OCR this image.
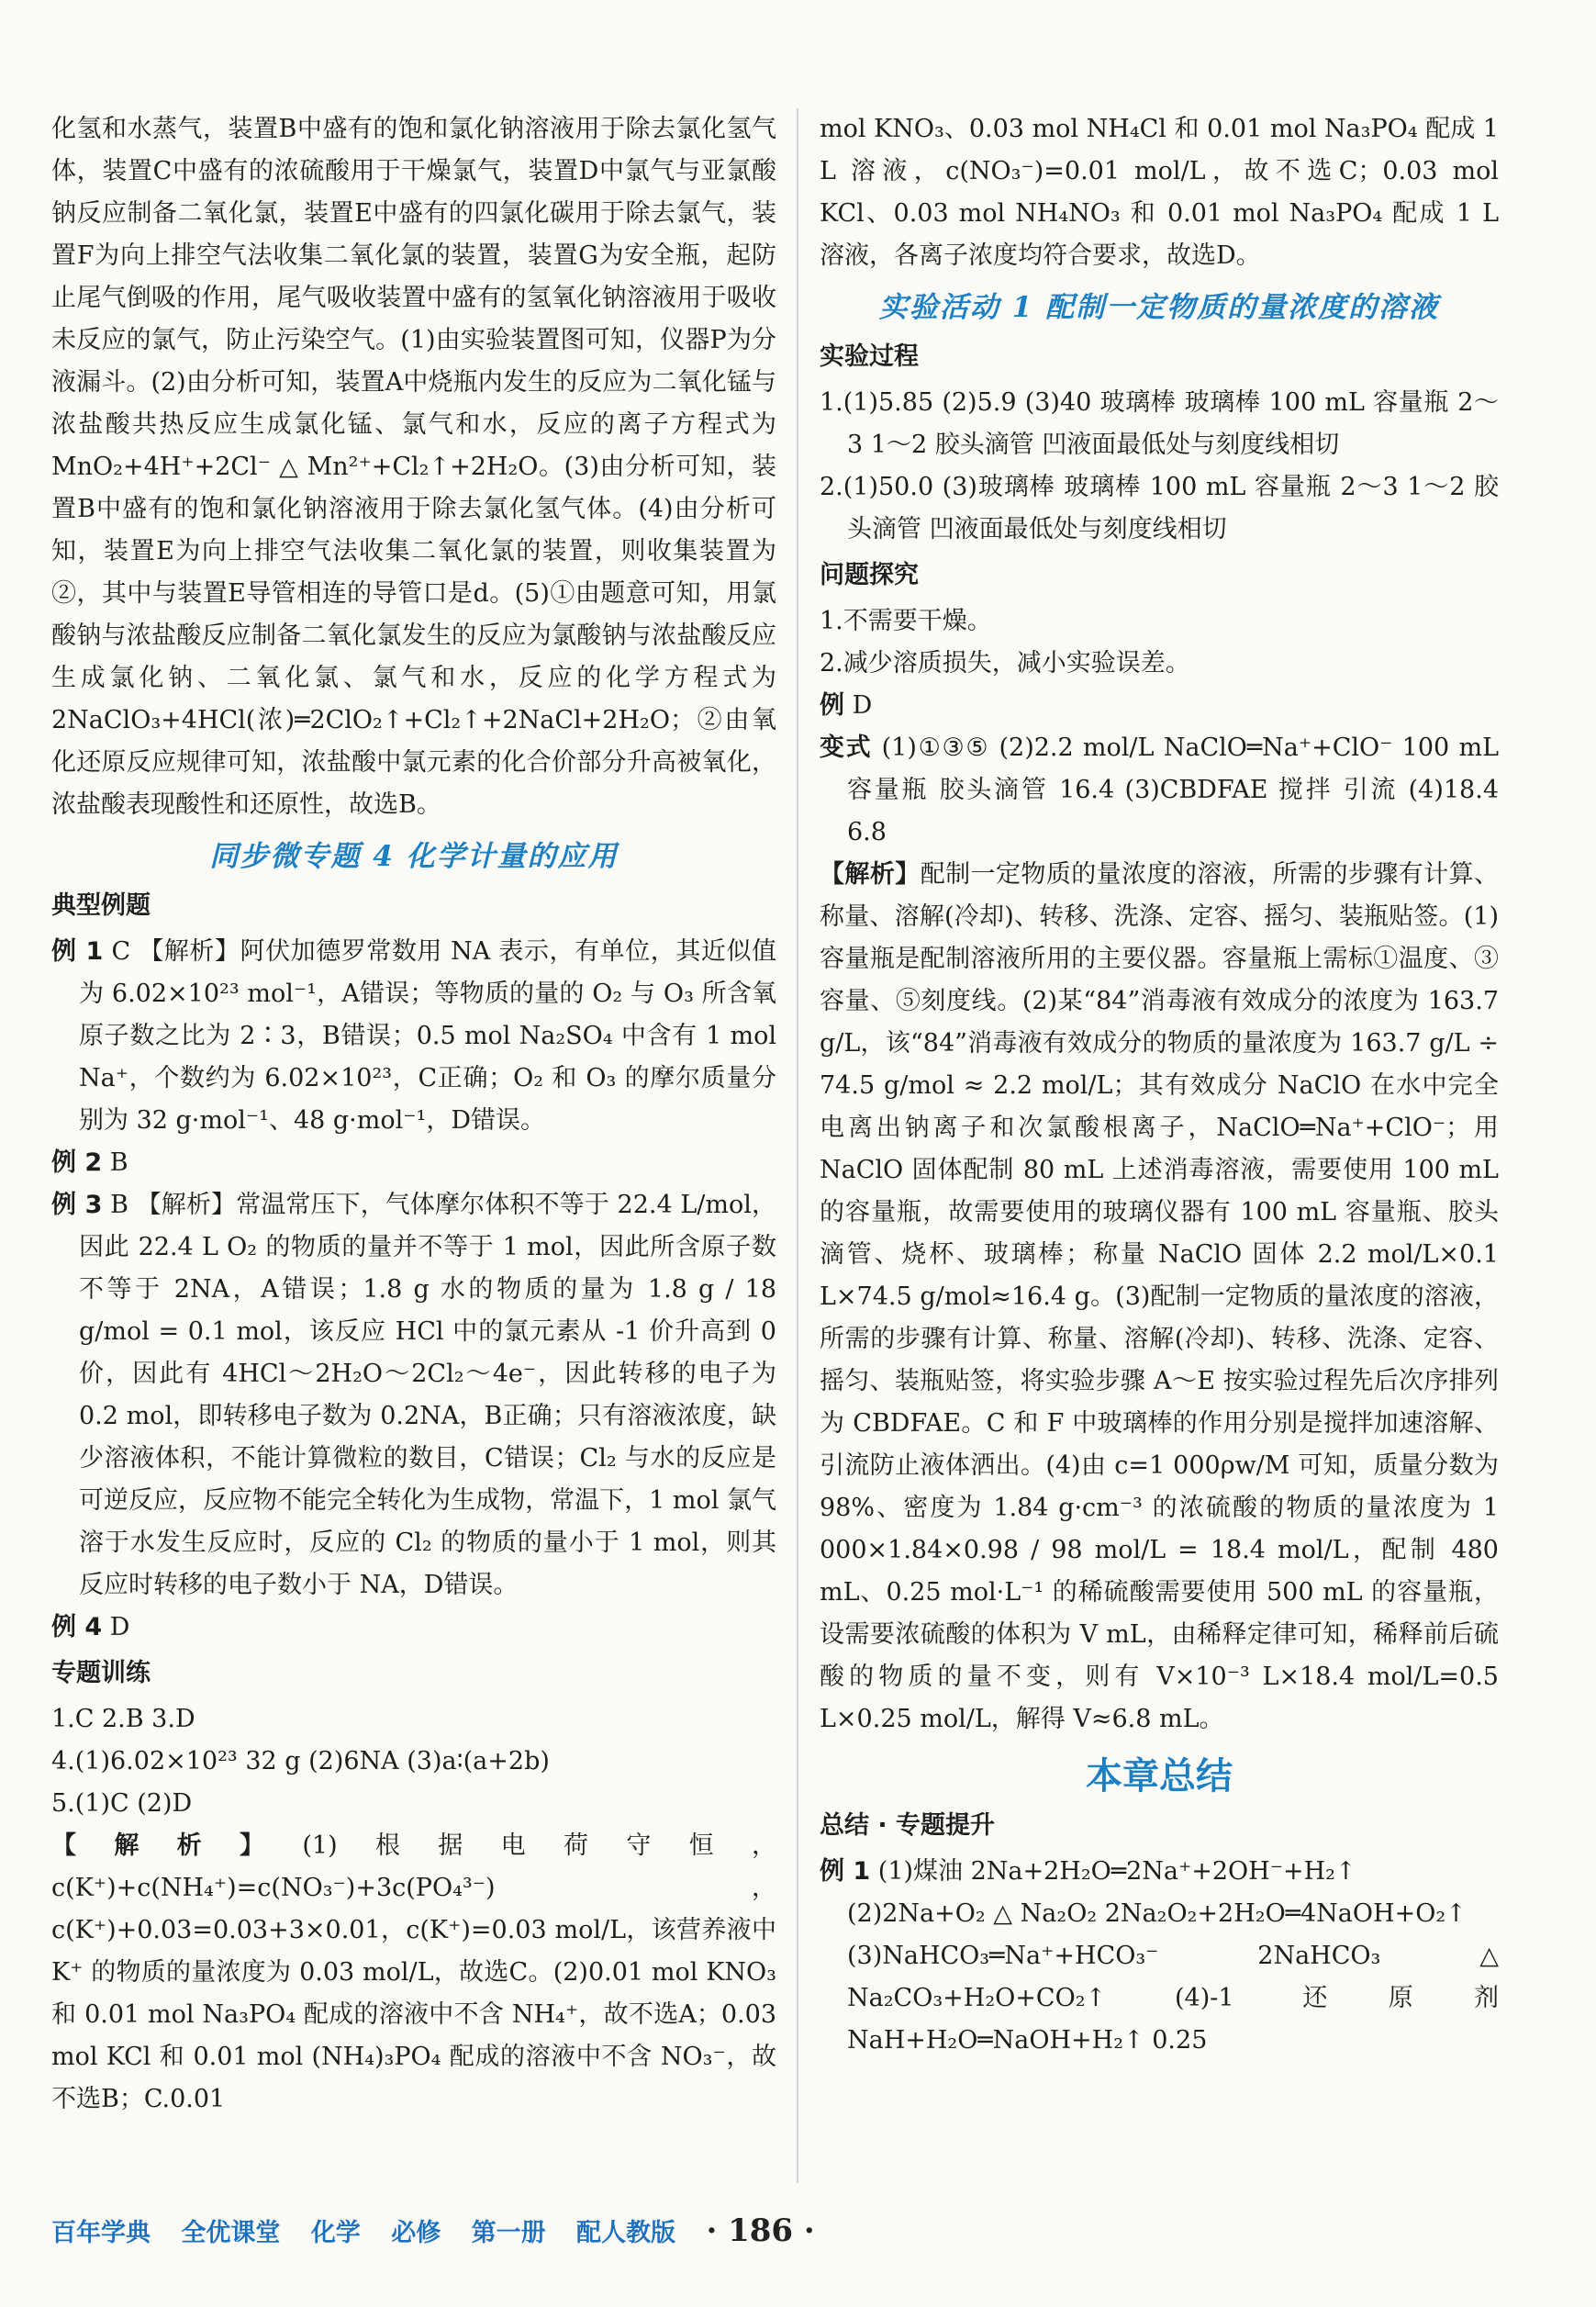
化氢和水蒸气，装置B中盛有的饱和氯化钠溶液用于除去氯化氢气体，装置C中盛有的浓硫酸用于干燥氯气，装置D中氯气与亚氯酸钠反应制备二氧化氯，装置E中盛有的四氯化碳用于除去氯气，装置F为向上排空气法收集二氧化氯的装置，装置G为安全瓶，起防止尾气倒吸的作用，尾气吸收装置中盛有的氢氧化钠溶液用于吸收未反应的氯气，防止污染空气。(1)由实验装置图可知，仪器P为分液漏斗。(2)由分析可知，装置A中烧瓶内发生的反应为二氧化锰与浓盐酸共热反应生成氯化锰、氯气和水，反应的离子方程式为 MnO₂+4H⁺+2Cl⁻ △ Mn²⁺+Cl₂↑+2H₂O。(3)由分析可知，装置B中盛有的饱和氯化钠溶液用于除去氯化氢气体。(4)由分析可知，装置E为向上排空气法收集二氧化氯的装置，则收集装置为②，其中与装置E导管相连的导管口是d。(5)①由题意可知，用氯酸钠与浓盐酸反应制备二氧化氯发生的反应为氯酸钠与浓盐酸反应生成氯化钠、二氧化氯、氯气和水，反应的化学方程式为 2NaClO₃+4HCl(浓)═2ClO₂↑+Cl₂↑+2NaCl+2H₂O；②由氧化还原反应规律可知，浓盐酸中氯元素的化合价部分升高被氧化，浓盐酸表现酸性和还原性，故选B。

同步微专题 4 化学计量的应用
典型例题

例 1 C 【解析】阿伏加德罗常数用 NA 表示，有单位，其近似值为 6.02×10²³ mol⁻¹，A错误；等物质的量的 O₂ 与 O₃ 所含氧原子数之比为 2∶3，B错误；0.5 mol Na₂SO₄ 中含有 1 mol Na⁺，个数约为 6.02×10²³，C正确；O₂ 和 O₃ 的摩尔质量分别为 32 g·mol⁻¹、48 g·mol⁻¹，D错误。

例 2 B

例 3 B 【解析】常温常压下，气体摩尔体积不等于 22.4 L/mol，因此 22.4 L O₂ 的物质的量并不等于 1 mol，因此所含原子数不等于 2NA，A错误；1.8 g 水的物质的量为 1.8 g / 18 g/mol = 0.1 mol，该反应 HCl 中的氯元素从 -1 价升高到 0 价，因此有 4HCl～2H₂O～2Cl₂～4e⁻，因此转移的电子为 0.2 mol，即转移电子数为 0.2NA，B正确；只有溶液浓度，缺少溶液体积，不能计算微粒的数目，C错误；Cl₂ 与水的反应是可逆反应，反应物不能完全转化为生成物，常温下，1 mol 氯气溶于水发生反应时，反应的 Cl₂ 的物质的量小于 1 mol，则其反应时转移的电子数小于 NA，D错误。

例 4 D

专题训练

1.C 2.B 3.D

4.(1)6.02×10²³ 32 g (2)6NA (3)a∶(a+2b)

5.(1)C (2)D

【解析】(1)根据电荷守恒，c(K⁺)+c(NH₄⁺)=c(NO₃⁻)+3c(PO₄³⁻)，c(K⁺)+0.03=0.03+3×0.01，c(K⁺)=0.03 mol/L，该营养液中 K⁺ 的物质的量浓度为 0.03 mol/L，故选C。(2)0.01 mol KNO₃ 和 0.01 mol Na₃PO₄ 配成的溶液中不含 NH₄⁺，故不选A；0.03 mol KCl 和 0.01 mol (NH₄)₃PO₄ 配成的溶液中不含 NO₃⁻，故不选B；C.0.01

mol KNO₃、0.03 mol NH₄Cl 和 0.01 mol Na₃PO₄ 配成 1 L 溶液，c(NO₃⁻)=0.01 mol/L，故不选C；0.03 mol KCl、0.03 mol NH₄NO₃ 和 0.01 mol Na₃PO₄ 配成 1 L 溶液，各离子浓度均符合要求，故选D。

实验活动 1 配制一定物质的量浓度的溶液
实验过程

1.(1)5.85 (2)5.9 (3)40 玻璃棒 玻璃棒 100 mL 容量瓶 2～3 1～2 胶头滴管 凹液面最低处与刻度线相切

2.(1)50.0 (3)玻璃棒 玻璃棒 100 mL 容量瓶 2～3 1～2 胶头滴管 凹液面最低处与刻度线相切

问题探究

1.不需要干燥。

2.减少溶质损失，减小实验误差。

例 D

变式 (1)①③⑤ (2)2.2 mol/L NaClO═Na⁺+ClO⁻ 100 mL 容量瓶 胶头滴管 16.4 (3)CBDFAE 搅拌 引流 (4)18.4 6.8

【解析】配制一定物质的量浓度的溶液，所需的步骤有计算、称量、溶解(冷却)、转移、洗涤、定容、摇匀、装瓶贴签。(1)容量瓶是配制溶液所用的主要仪器。容量瓶上需标①温度、③容量、⑤刻度线。(2)某“84”消毒液有效成分的浓度为 163.7 g/L，该“84”消毒液有效成分的物质的量浓度为 163.7 g/L ÷ 74.5 g/mol ≈ 2.2 mol/L；其有效成分 NaClO 在水中完全电离出钠离子和次氯酸根离子，NaClO═Na⁺+ClO⁻；用 NaClO 固体配制 80 mL 上述消毒溶液，需要使用 100 mL 的容量瓶，故需要使用的玻璃仪器有 100 mL 容量瓶、胶头滴管、烧杯、玻璃棒；称量 NaClO 固体 2.2 mol/L×0.1 L×74.5 g/mol≈16.4 g。(3)配制一定物质的量浓度的溶液，所需的步骤有计算、称量、溶解(冷却)、转移、洗涤、定容、摇匀、装瓶贴签，将实验步骤 A～E 按实验过程先后次序排列为 CBDFAE。C 和 F 中玻璃棒的作用分别是搅拌加速溶解、引流防止液体洒出。(4)由 c=1 000ρw/M 可知，质量分数为 98%、密度为 1.84 g·cm⁻³ 的浓硫酸的物质的量浓度为 1 000×1.84×0.98 / 98 mol/L = 18.4 mol/L，配制 480 mL、0.25 mol·L⁻¹ 的稀硫酸需要使用 500 mL 的容量瓶，设需要浓硫酸的体积为 V mL，由稀释定律可知，稀释前后硫酸的物质的量不变，则有 V×10⁻³ L×18.4 mol/L=0.5 L×0.25 mol/L，解得 V≈6.8 mL。

本章总结
总结 · 专题提升

例 1 (1)煤油 2Na+2H₂O═2Na⁺+2OH⁻+H₂↑

(2)2Na+O₂ △ Na₂O₂ 2Na₂O₂+2H₂O═4NaOH+O₂↑

(3)NaHCO₃═Na⁺+HCO₃⁻ 2NaHCO₃ △ Na₂CO₃+H₂O+CO₂↑ (4)-1 还原剂 NaH+H₂O═NaOH+H₂↑ 0.25

百年学典 全优课堂 化学 必修 第一册 配人教版 · 186 ·
